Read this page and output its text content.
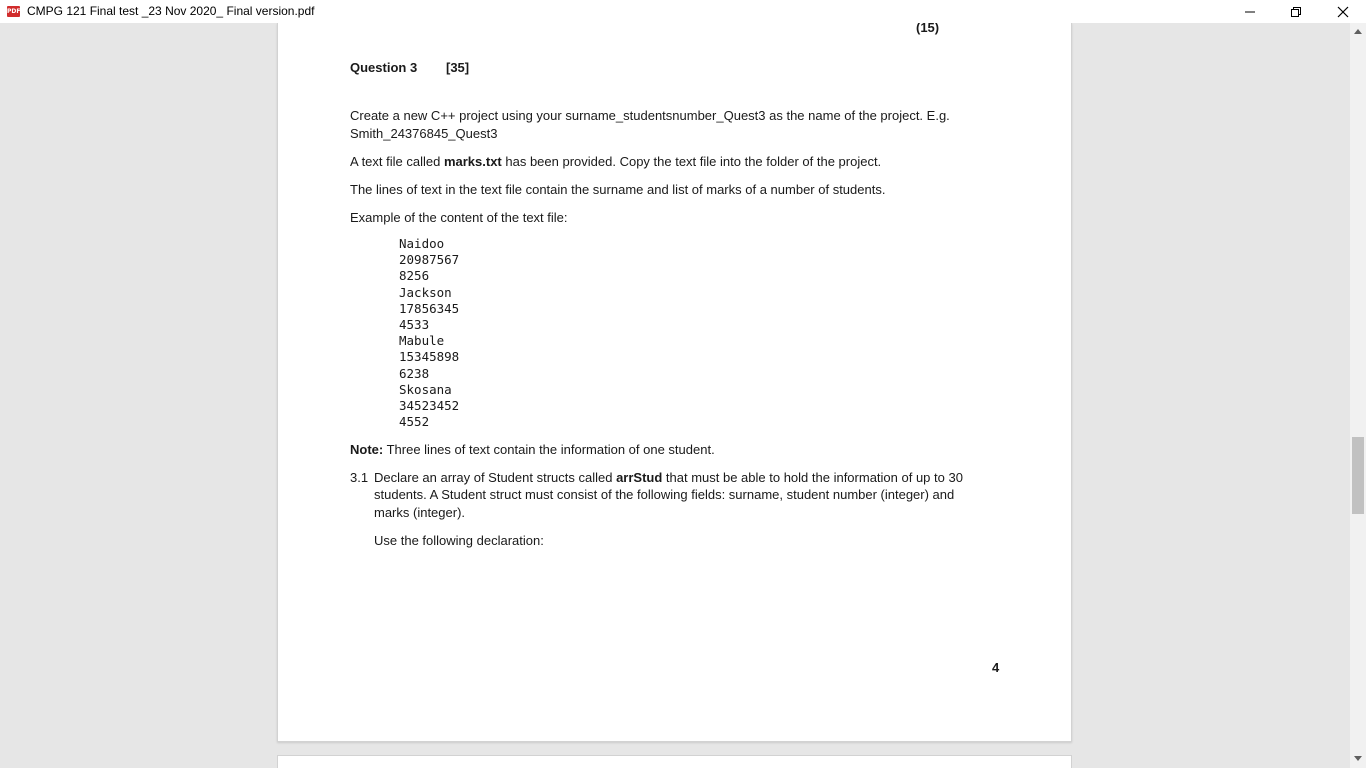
PDF CMPG 121 Final test _23 Nov 2020_ Final version.pdf
(15)
Question 3 [35]
Create a new C++ project using your surname_studentsnumber_Quest3 as the name of the project. E.g.
Smith_24376845_Quest3
A text file called marks.txt has been provided. Copy the text file into the folder of the project.
The lines of text in the text file contain the surname and list of marks of a number of students.
Example of the content of the text file:
Naidoo
20987567
8256
Jackson
17856345
4533
Mabule
15345898
6238
Skosana
34523452
4552
Note: Three lines of text contain the information of one student.
3.1 Declare an array of Student structs called arrStud that must be able to hold the information of up to 30
students. A Student struct must consist of the following fields: surname, student number (integer) and
marks (integer).
Use the following declaration:
4
